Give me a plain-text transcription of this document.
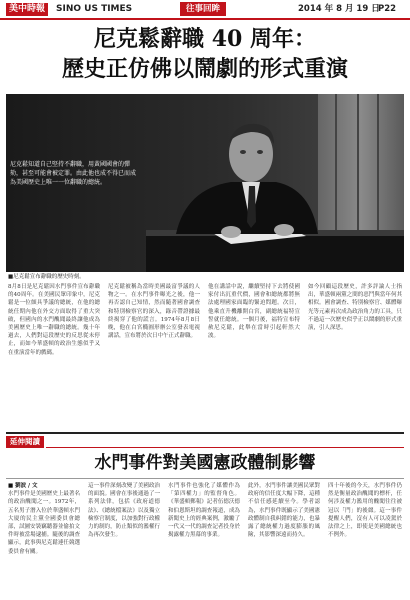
美中時報	SINO US TIMES	往事回眸	2014 年 8 月 19 日
P22
尼克鬆辭職 40 周年：
歷史正仿佛以鬧劇的形式重演
尼克鬆知道自己堅持不辭職，用黃國國會的彈劾，甚至可能會被定罪。由此他也成不得已而成為美國歷史上唯一一位辭職的總統。
■尼克鬆宣布辭職的歷史時刻。
8月8日是尼克鬆因水門事件宣布辭職的40周年。在美國民眾印象中，尼克鬆是一位頗具爭議的總統，在他的總統任期內他在外交方面取得了重大突破，但國內的水門醜聞最終讓他成為美國歷史上唯一辭職的總統。幾十年過去，人們對這段歷史的反思從未停止，而如今華盛頓的政治生態似乎又在重演當年的戲碼。
尼克鬆被稱為當時美國最富爭議的人物之一。在水門事件曝光之後，他一再否認自己知情，然而隨著國會調查和特別檢察官的深入，錄音帶證據最終揭穿了他的謊言。1974年8月8日晚，他在白宮橢圓形辦公室發表電視講話，宣布將於次日中午正式辭職。
他在講話中說，繼續堅持下去將使國家付出沉重代價，國會和總統都將無法處理國家面臨的緊迫問題。次日，他乘直升機離開白宮，副總統福特宣誓就任總統。一個月後，福特宣布特赦尼克鬆，此舉在當時引起軒然大波。
如今回顧這段歷史，許多評論人士指出，華盛頓兩黨之間的惡鬥與當年何其相似。國會調查、特別檢察官、媒體曝光等元素再次成為政治角力的工具，只不過這一次歷史似乎正以鬧劇的形式重演，引人深思。
延伸閱讀
水門事件對美國憲政體制影響
■ 劉波 / 文
水門事件是美國歷史上最著名的政治醜聞之一。1972年，五名男子潛入位於華盛頓水門大廈的民主黨全國委員會總部，試圖安裝竊聽器並偷拍文件時被當場逮捕。隨後的調查顯示，此事與尼克鬆連任競選委員會有關。
這一事件深刻改變了美國政治的面貌。國會在事後通過了一系列法律，包括《政府道德法》、《總統檔案法》以及獨立檢察官制度，以加強對行政權力的制約，防止類似的濫權行為再次發生。
水門事件也強化了媒體作為「第四權力」的監督角色。《華盛頓郵報》記者伍德沃德和伯恩斯坦的調查報道，成為新聞史上的經典案例，激勵了一代又一代的調查記者投身於揭露權力黑幕的事業。
此外，水門事件讓美國民眾對政府的信任度大幅下降，這種不信任感延續至今。學者認為，水門事件既顯示了美國憲政體制自我糾錯的能力，也暴露了總統權力過度膨脹的風險，其影響深遠而持久。
四十年後的今天，水門事件仍然是衡量政治醜聞的標杆，任何涉及權力濫用的醜聞往往被冠以「門」的後綴。這一事件提醒人們，沒有人可以凌駕於法律之上，即使是美國總統也不例外。
